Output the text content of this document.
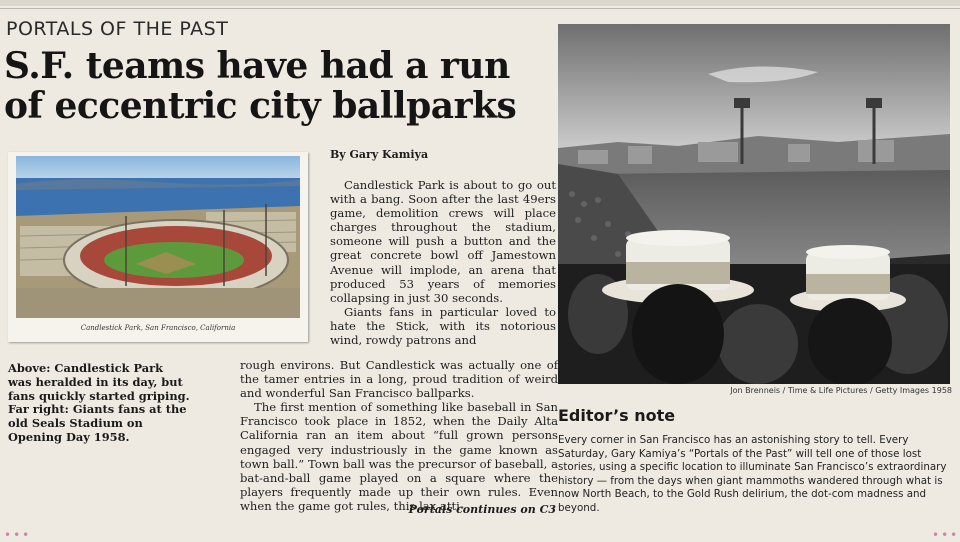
PORTALS OF THE PAST
S.F. teams have had a run
of eccentric city ballparks
Candlestick Park, San Francisco, California
Above: Candlestick Park
was heralded in its day, but
fans quickly started griping.
Far right: Giants fans at the
old Seals Stadium on
Opening Day 1958.
By Gary Kamiya

Candlestick Park is about to go out with a bang. Soon after the last 49ers game, demolition crews will place charges throughout the stadium, someone will push a button and the great concrete bowl off Jamestown Avenue will implode, an arena that produced 53 years of memories collapsing in just 30 seconds.

Giants fans in particular loved to hate the Stick, with its notorious wind, rowdy patrons and

rough environs. But Candlestick was actually one of the tamer entries in a long, proud tradition of weird and wonderful San Francisco ballparks.

The first mention of something like baseball in San Francisco took place in 1852, when the Daily Alta California ran an item about “full grown persons engaged very industriously in the game known as town ball.” Town ball was the precursor of baseball, a bat-and-ball game played on a square where the players frequently made up their own rules. Even when the game got rules, this lax atti-

Portals continues on C3
Jon Brenneis / Time & Life Pictures / Getty Images 1958
Editor’s note
Every corner in San Francisco has an astonishing story to tell. Every Saturday, Gary Kamiya’s “Portals of the Past” will tell one of those lost stories, using a specific location to illuminate San Francisco’s extraordinary history — from the days when giant mammoths wandered through what is now North Beach, to the Gold Rush delirium, the dot-com madness and beyond.
•••	•••
